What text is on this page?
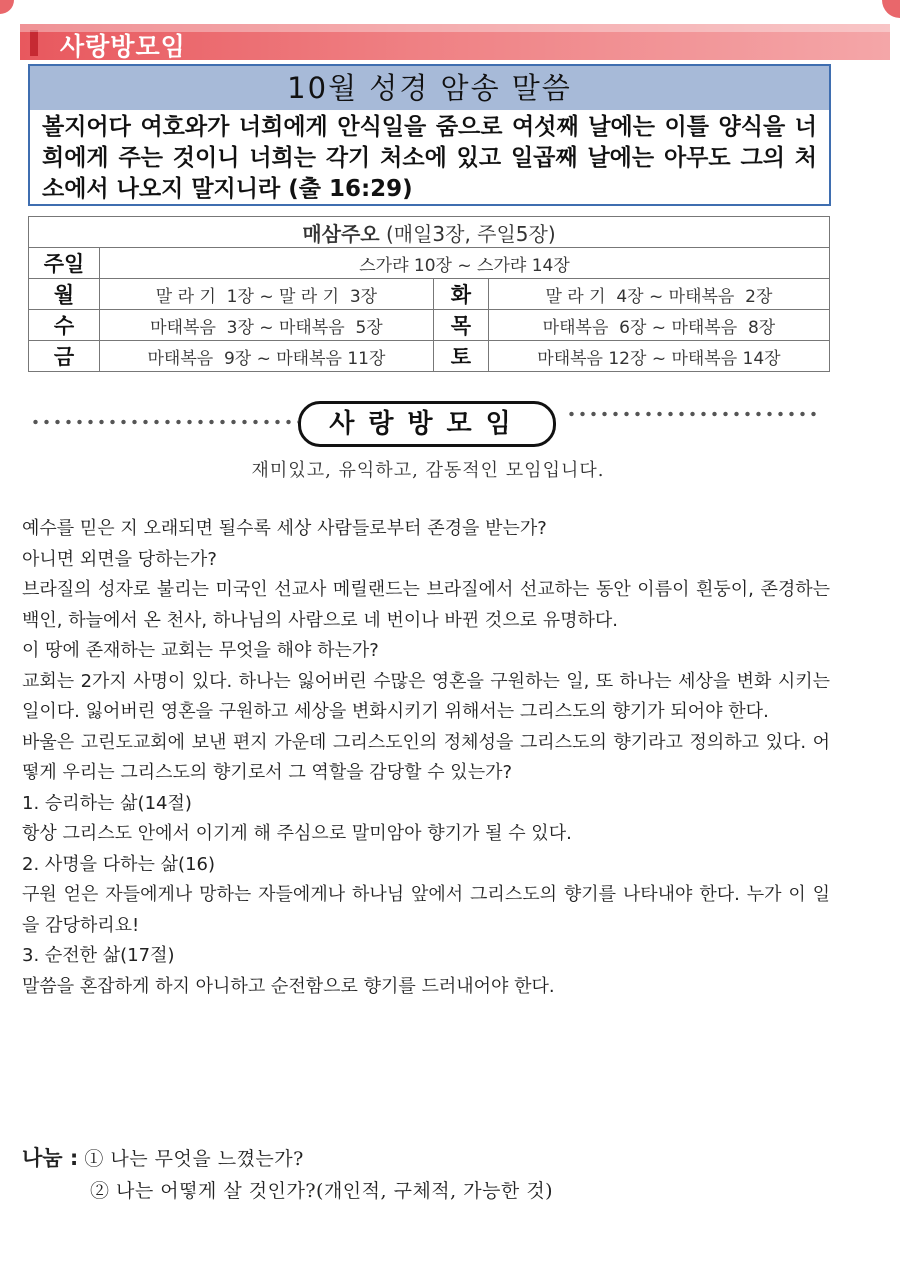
사랑방모임
10월 성경 암송 말씀
볼지어다 여호와가 너희에게 안식일을 줌으로 여섯째 날에는 이틀 양식을 너희에게 주는 것이니 너희는 각기 처소에 있고 일곱째 날에는 아무도 그의 처소에서 나오지 말지니라 (출 16:29)
매삼주오 (매일3장, 주일5장)			
주일	스가랴 10장 ~ 스가랴 14장		
월	말 라 기  1장 ~ 말 라 기  3장	화	말 라 기  4장 ~ 마태복음  2장
수	마태복음  3장 ~ 마태복음  5장	목	마태복음  6장 ~ 마태복음  8장
금	마태복음  9장 ~ 마태복음 11장	토	마태복음 12장 ~ 마태복음 14장
사랑방모임
재미있고, 유익하고, 감동적인 모임입니다.

예수를 믿은 지 오래되면 될수록 세상 사람들로부터 존경을 받는가?

아니면 외면을 당하는가?

브라질의 성자로 불리는 미국인 선교사 메릴랜드는 브라질에서 선교하는 동안 이름이 흰둥이, 존경하는 백인, 하늘에서 온 천사, 하나님의 사람으로 네 번이나 바뀐 것으로 유명하다.

이 땅에 존재하는 교회는 무엇을 해야 하는가?

교회는 2가지 사명이 있다. 하나는 잃어버린 수많은 영혼을 구원하는 일, 또 하나는 세상을 변화 시키는 일이다. 잃어버린 영혼을 구원하고 세상을 변화시키기 위해서는 그리스도의 향기가 되어야 한다.

바울은 고린도교회에 보낸 편지 가운데 그리스도인의 정체성을 그리스도의 향기라고 정의하고 있다. 어떻게 우리는 그리스도의 향기로서 그 역할을 감당할 수 있는가?

1. 승리하는 삶(14절)

항상 그리스도 안에서 이기게 해 주심으로 말미암아 향기가 될 수 있다.

2. 사명을 다하는 삶(16)

구원 얻은 자들에게나 망하는 자들에게나 하나님 앞에서 그리스도의 향기를 나타내야 한다. 누가 이 일을 감당하리요!

3. 순전한 삶(17절)

말씀을 혼잡하게 하지 아니하고 순전함으로 향기를 드러내어야 한다.

나눔 : ① 나는 무엇을 느꼈는가?
② 나는 어떻게 살 것인가?(개인적, 구체적, 가능한 것)
